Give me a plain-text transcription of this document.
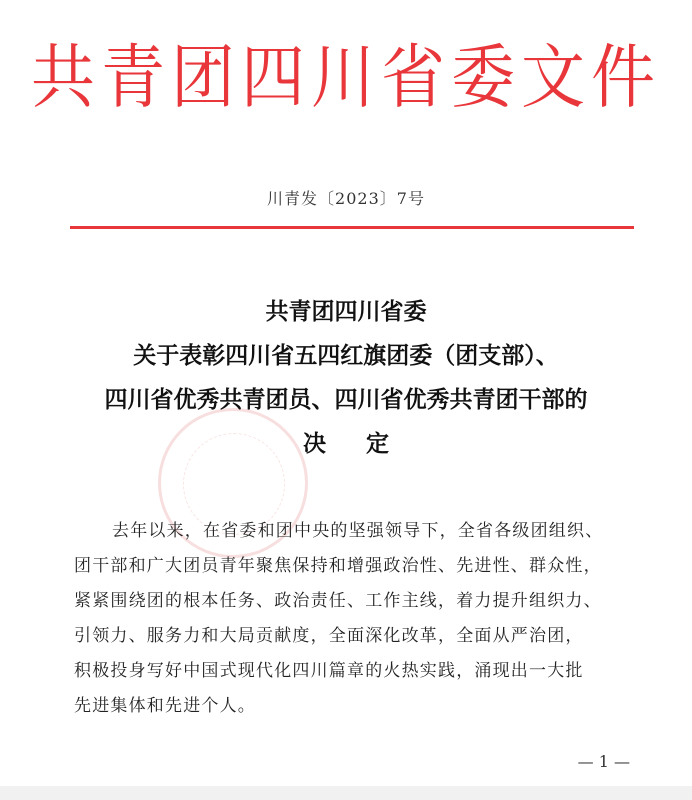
共青团四川省委文件
川青发〔2023〕7号
共青团四川省委
关于表彰四川省五四红旗团委（团支部）、
四川省优秀共青团员、四川省优秀共青团干部的
决定
去年以来，在省委和团中央的坚强领导下，全省各级团组织、
团干部和广大团员青年聚焦保持和增强政治性、先进性、群众性，
紧紧围绕团的根本任务、政治责任、工作主线，着力提升组织力、
引领力、服务力和大局贡献度，全面深化改革，全面从严治团，
积极投身写好中国式现代化四川篇章的火热实践，涌现出一大批
先进集体和先进个人。
— 1 —
